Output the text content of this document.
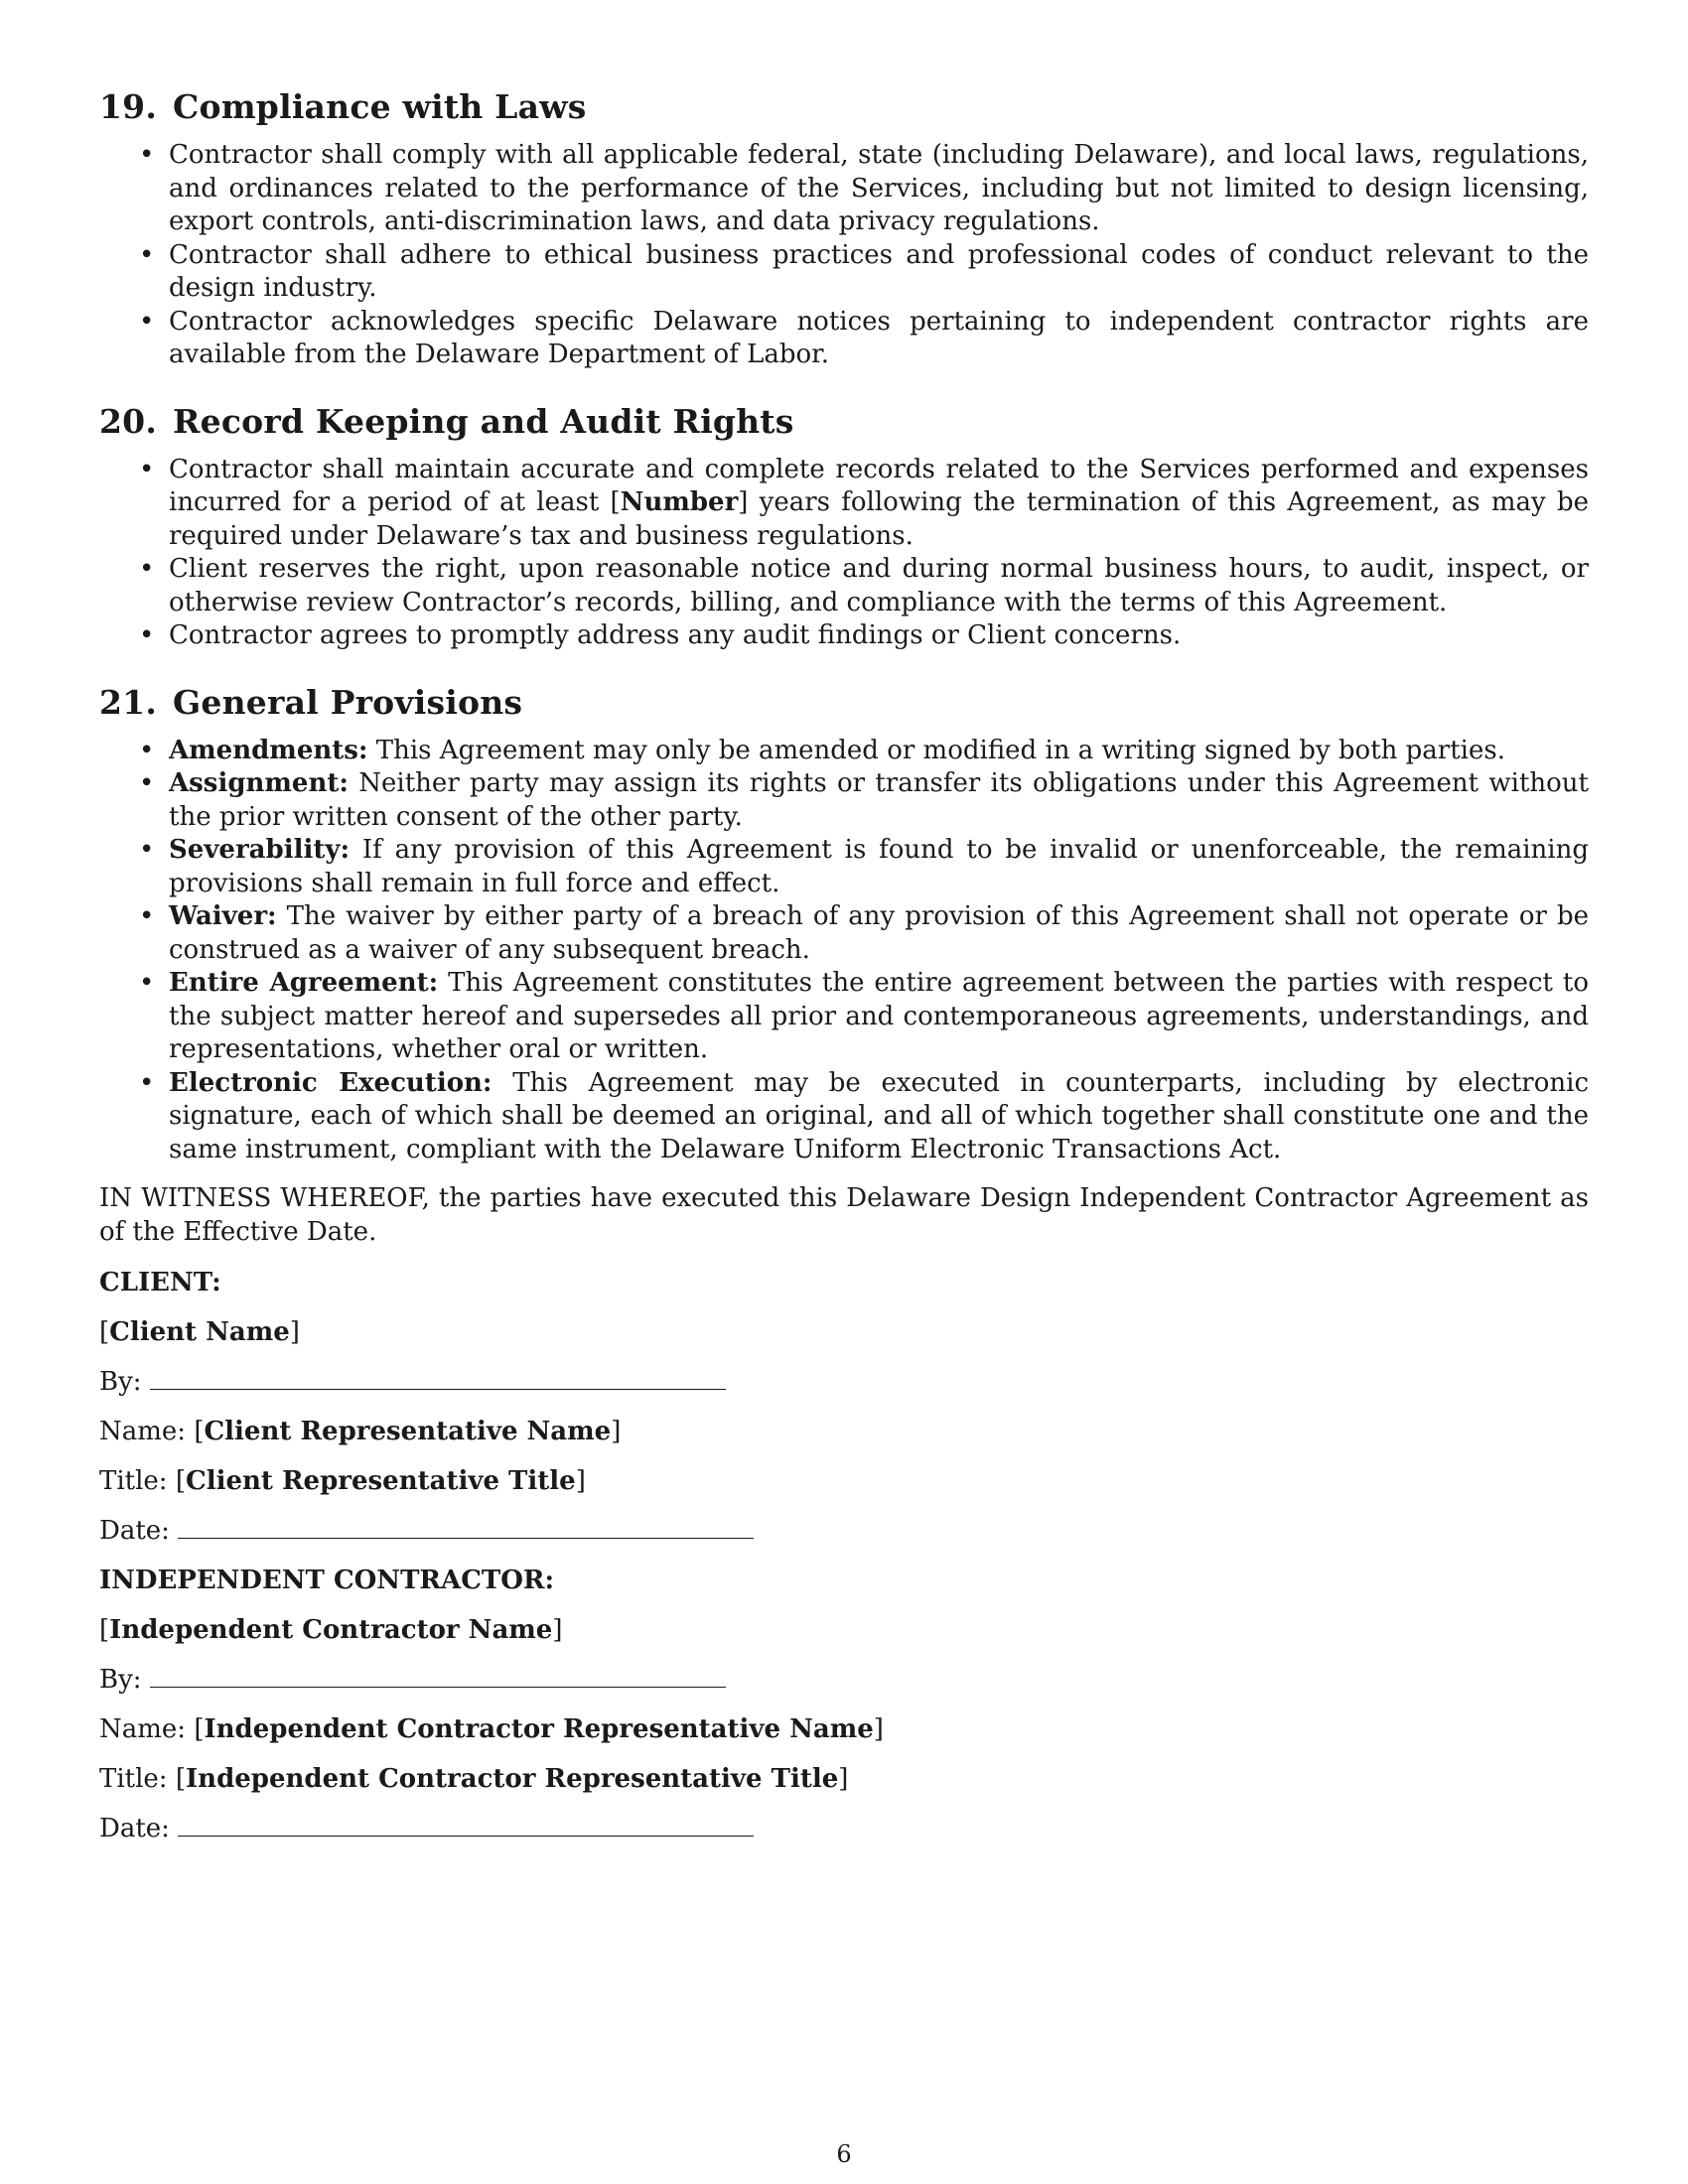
19. Compliance with Laws
• Contractor shall comply with all applicable federal, state (including Delaware), and local laws, regulations, and ordinances related to the performance of the Services, including but not limited to design licensing, export controls, anti-discrimination laws, and data privacy regulations.
• Contractor shall adhere to ethical business practices and professional codes of conduct relevant to the design industry.
• Contractor acknowledges specific Delaware notices pertaining to independent contractor rights are available from the Delaware Department of Labor.
20. Record Keeping and Audit Rights
• Contractor shall maintain accurate and complete records related to the Services performed and expenses incurred for a period of at least [Number] years following the termination of this Agreement, as may be required under Delaware’s tax and business regulations.
• Client reserves the right, upon reasonable notice and during normal business hours, to audit, inspect, or otherwise review Contractor’s records, billing, and compliance with the terms of this Agreement.
• Contractor agrees to promptly address any audit findings or Client concerns.
21. General Provisions
• Amendments: This Agreement may only be amended or modified in a writing signed by both parties.
• Assignment: Neither party may assign its rights or transfer its obligations under this Agreement without the prior written consent of the other party.
• Severability: If any provision of this Agreement is found to be invalid or unenforceable, the remaining provisions shall remain in full force and effect.
• Waiver: The waiver by either party of a breach of any provision of this Agreement shall not operate or be construed as a waiver of any subsequent breach.
• Entire Agreement: This Agreement constitutes the entire agreement between the parties with respect to the subject matter hereof and supersedes all prior and contemporaneous agreements, understandings, and representations, whether oral or written.
• Electronic Execution: This Agreement may be executed in counterparts, including by electronic signature, each of which shall be deemed an original, and all of which together shall constitute one and the same instrument, compliant with the Delaware Uniform Electronic Transactions Act.

IN WITNESS WHEREOF, the parties have executed this Delaware Design Independent Contractor Agreement as of the Effective Date.

CLIENT:
[Client Name]
By:
Name: [Client Representative Name]
Title: [Client Representative Title]
Date:
INDEPENDENT CONTRACTOR:
[Independent Contractor Name]
By:
Name: [Independent Contractor Representative Name]
Title: [Independent Contractor Representative Title]
Date:
6
